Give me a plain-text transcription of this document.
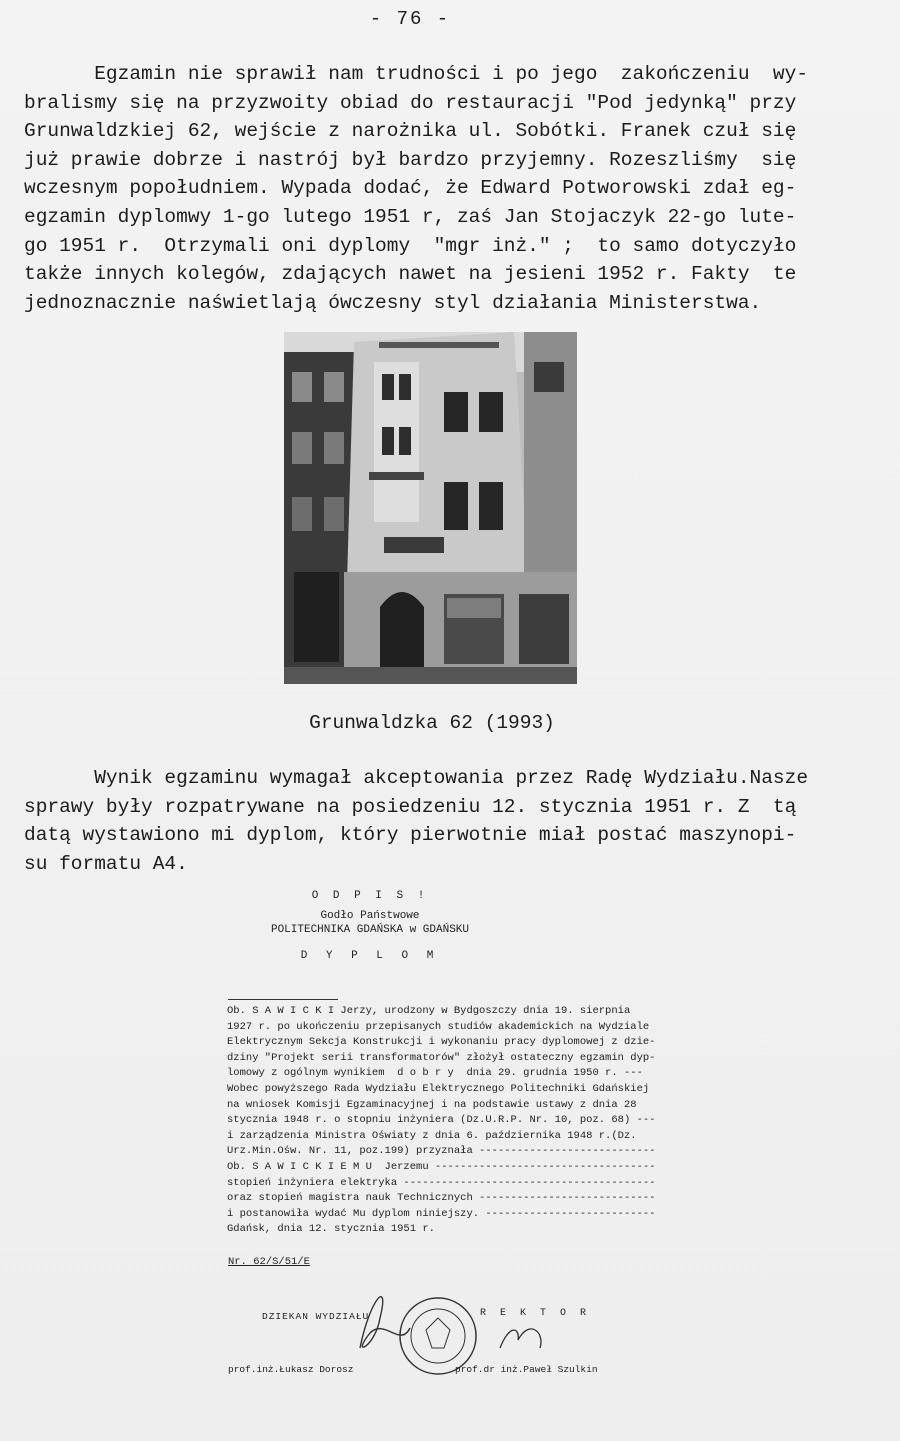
- 76 -

Egzamin nie sprawił nam trudności i po jego  zakończeniu  wy-
bralismy się na przyzwoity obiad do restauracji "Pod jedynką" przy
Grunwaldzkiej 62, wejście z narożnika ul. Sobótki. Franek czuł się
już prawie dobrze i nastrój był bardzo przyjemny. Rozeszliśmy  się
wczesnym popołudniem. Wypada dodać, że Edward Potworowski zdał eg-
egzamin dyplomwy 1-go lutego 1951 r, zaś Jan Stojaczyk 22-go lute-
go 1951 r.  Otrzymali oni dyplomy  "mgr inż." ;  to samo dotyczyło
także innych kolegów, zdających nawet na jesieni 1952 r. Fakty  te
jednoznacznie naświetlają ówczesny styl działania Ministerstwa.

Grunwaldzka 62 (1993)

Wynik egzaminu wymagał akceptowania przez Radę Wydziału.Nasze
sprawy były rozpatrywane na posiedzeniu 12. stycznia 1951 r. Z  tą
datą wystawiono mi dyplom, który pierwotnie miał postać maszynopi-
su formatu A4.

O D P I S !
Godło Państwowe
POLITECHNIKA GDAŃSKA w GDAŃSKU
D Y P L O M
Ob. S A W I C K I Jerzy, urodzony w Bydgoszczy dnia 19. sierpnia
1927 r. po ukończeniu przepisanych studiów akademickich na Wydziale
Elektrycznym Sekcja Konstrukcji i wykonaniu pracy dyplomowej z dzie-
dziny "Projekt serii transformatorów" złożył ostateczny egzamin dyp-
lomowy z ogólnym wynikiem  d o b r y  dnia 29. grudnia 1950 r. ---
Wobec powyższego Rada Wydziału Elektrycznego Politechniki Gdańskiej
na wniosek Komisji Egzaminacyjnej i na podstawie ustawy z dnia 28
stycznia 1948 r. o stopniu inżyniera (Dz.U.R.P. Nr. 10, poz. 68) ---
i zarządzenia Ministra Oświaty z dnia 6. października 1948 r.(Dz.
Urz.Min.Ośw. Nr. 11, poz.199) przyznała ----------------------------
Ob. S A W I C K I E M U  Jerzemu -----------------------------------
stopień inżyniera elektryka ----------------------------------------
oraz stopień magistra nauk Technicznych ----------------------------
i postanowiła wydać Mu dyplom niniejszy. ---------------------------
Gdańsk, dnia 12. stycznia 1951 r.
Nr. 62/S/51/E
DZIEKAN WYDZIAŁU	R E K T O R
prof.inż.Łukasz Dorosz	prof.dr inż.Paweł Szulkin
